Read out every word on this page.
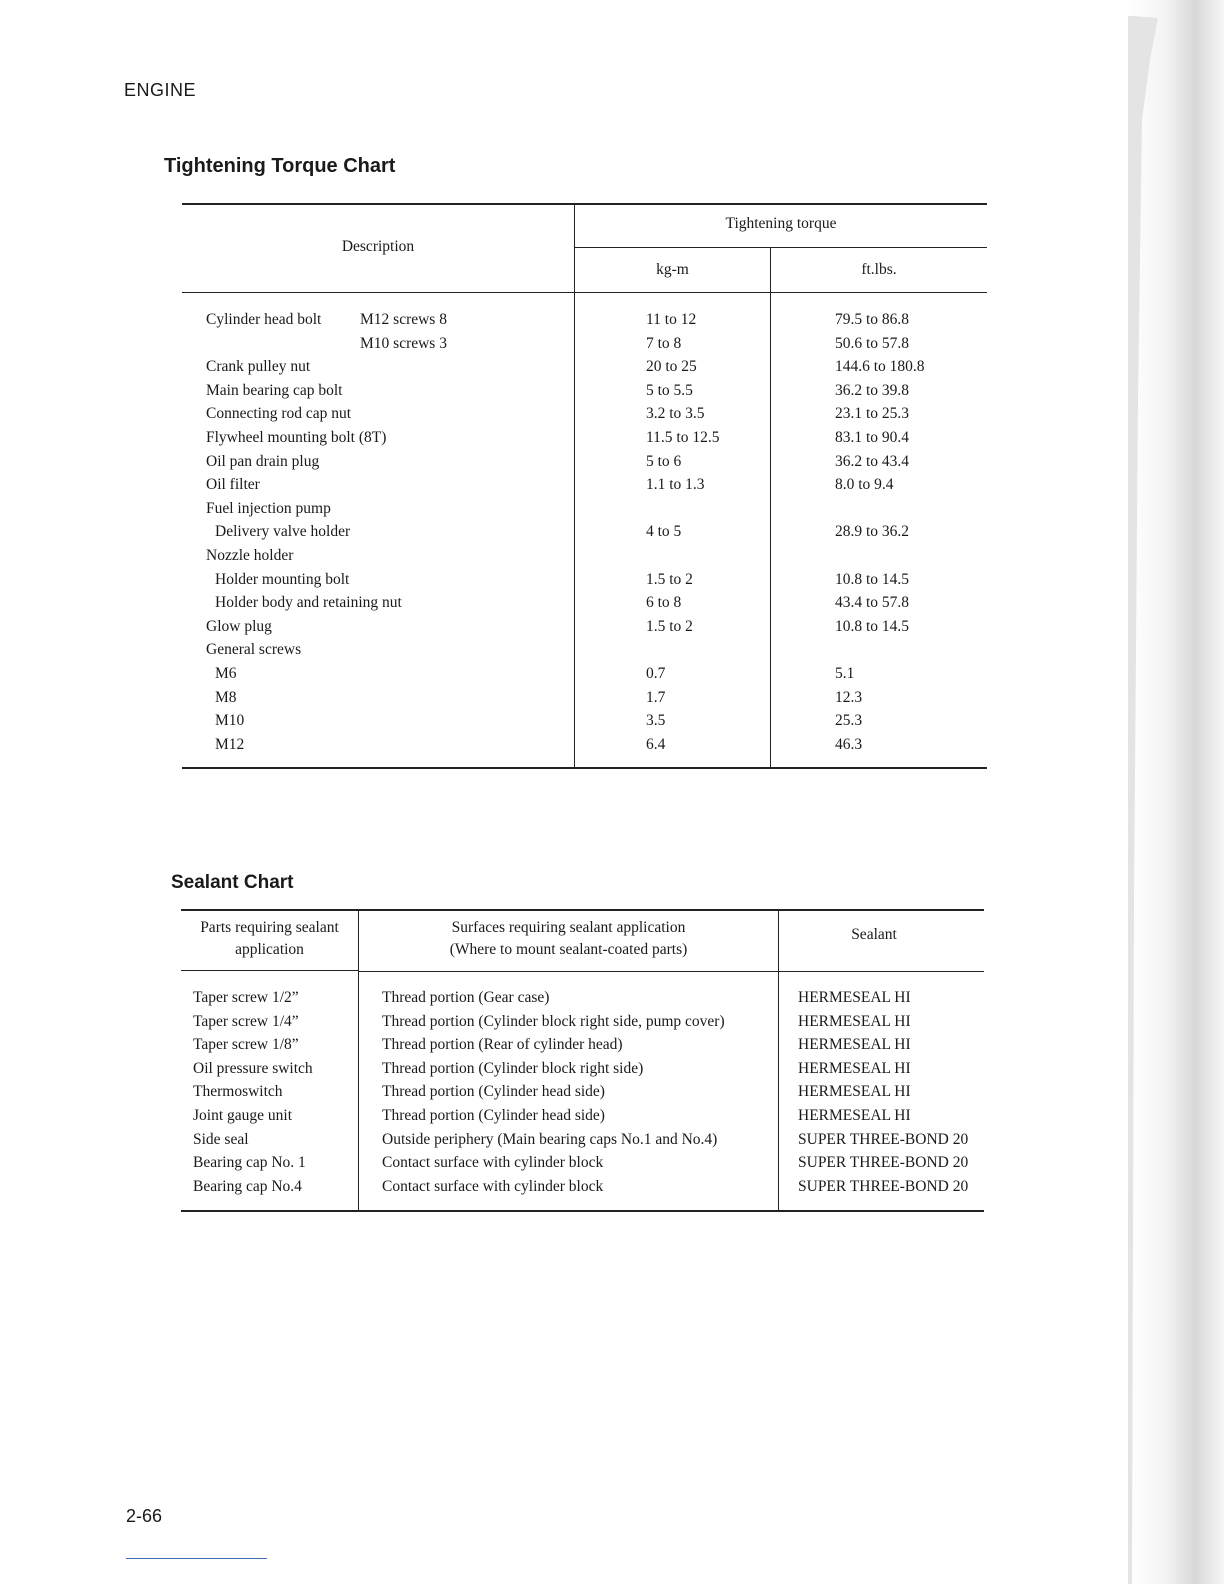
ENGINE
Tightening Torque Chart
Description
Tightening torque
kg-m	ft.lbs.
Cylinder head bolt M12 screws 8	11 to 12	79.5 to 86.8
M10 screws 3	7 to 8	50.6 to 57.8
Crank pulley nut	20 to 25	144.6 to 180.8
Main bearing cap bolt	5 to 5.5	36.2 to 39.8
Connecting rod cap nut	3.2 to 3.5	23.1 to 25.3
Flywheel mounting bolt (8T)	11.5 to 12.5	83.1 to 90.4
Oil pan drain plug	5 to 6	36.2 to 43.4
Oil filter	1.1 to 1.3	8.0 to 9.4
Fuel injection pump
Delivery valve holder	4 to 5	28.9 to 36.2
Nozzle holder
Holder mounting bolt	1.5 to 2	10.8 to 14.5
Holder body and retaining nut	6 to 8	43.4 to 57.8
Glow plug	1.5 to 2	10.8 to 14.5
General screws
M6	0.7	5.1
M8	1.7	12.3
M10	3.5	25.3
M12	6.4	46.3
Sealant Chart
Parts requiring sealant
application
Surfaces requiring sealant application
(Where to mount sealant-coated parts)
Sealant
Taper screw 1/2”	Thread portion (Gear case)	HERMESEAL HI
Taper screw 1/4”	Thread portion (Cylinder block right side, pump cover)	HERMESEAL HI
Taper screw 1/8”	Thread portion (Rear of cylinder head)	HERMESEAL HI
Oil pressure switch	Thread portion (Cylinder block right side)	HERMESEAL HI
Thermoswitch	Thread portion (Cylinder head side)	HERMESEAL HI
Joint gauge unit	Thread portion (Cylinder head side)	HERMESEAL HI
Side seal	Outside periphery (Main bearing caps No.1 and No.4)	SUPER THREE-BOND 20
Bearing cap No. 1	Contact surface with cylinder block	SUPER THREE-BOND 20
Bearing cap No.4	Contact surface with cylinder block	SUPER THREE-BOND 20
2-66
